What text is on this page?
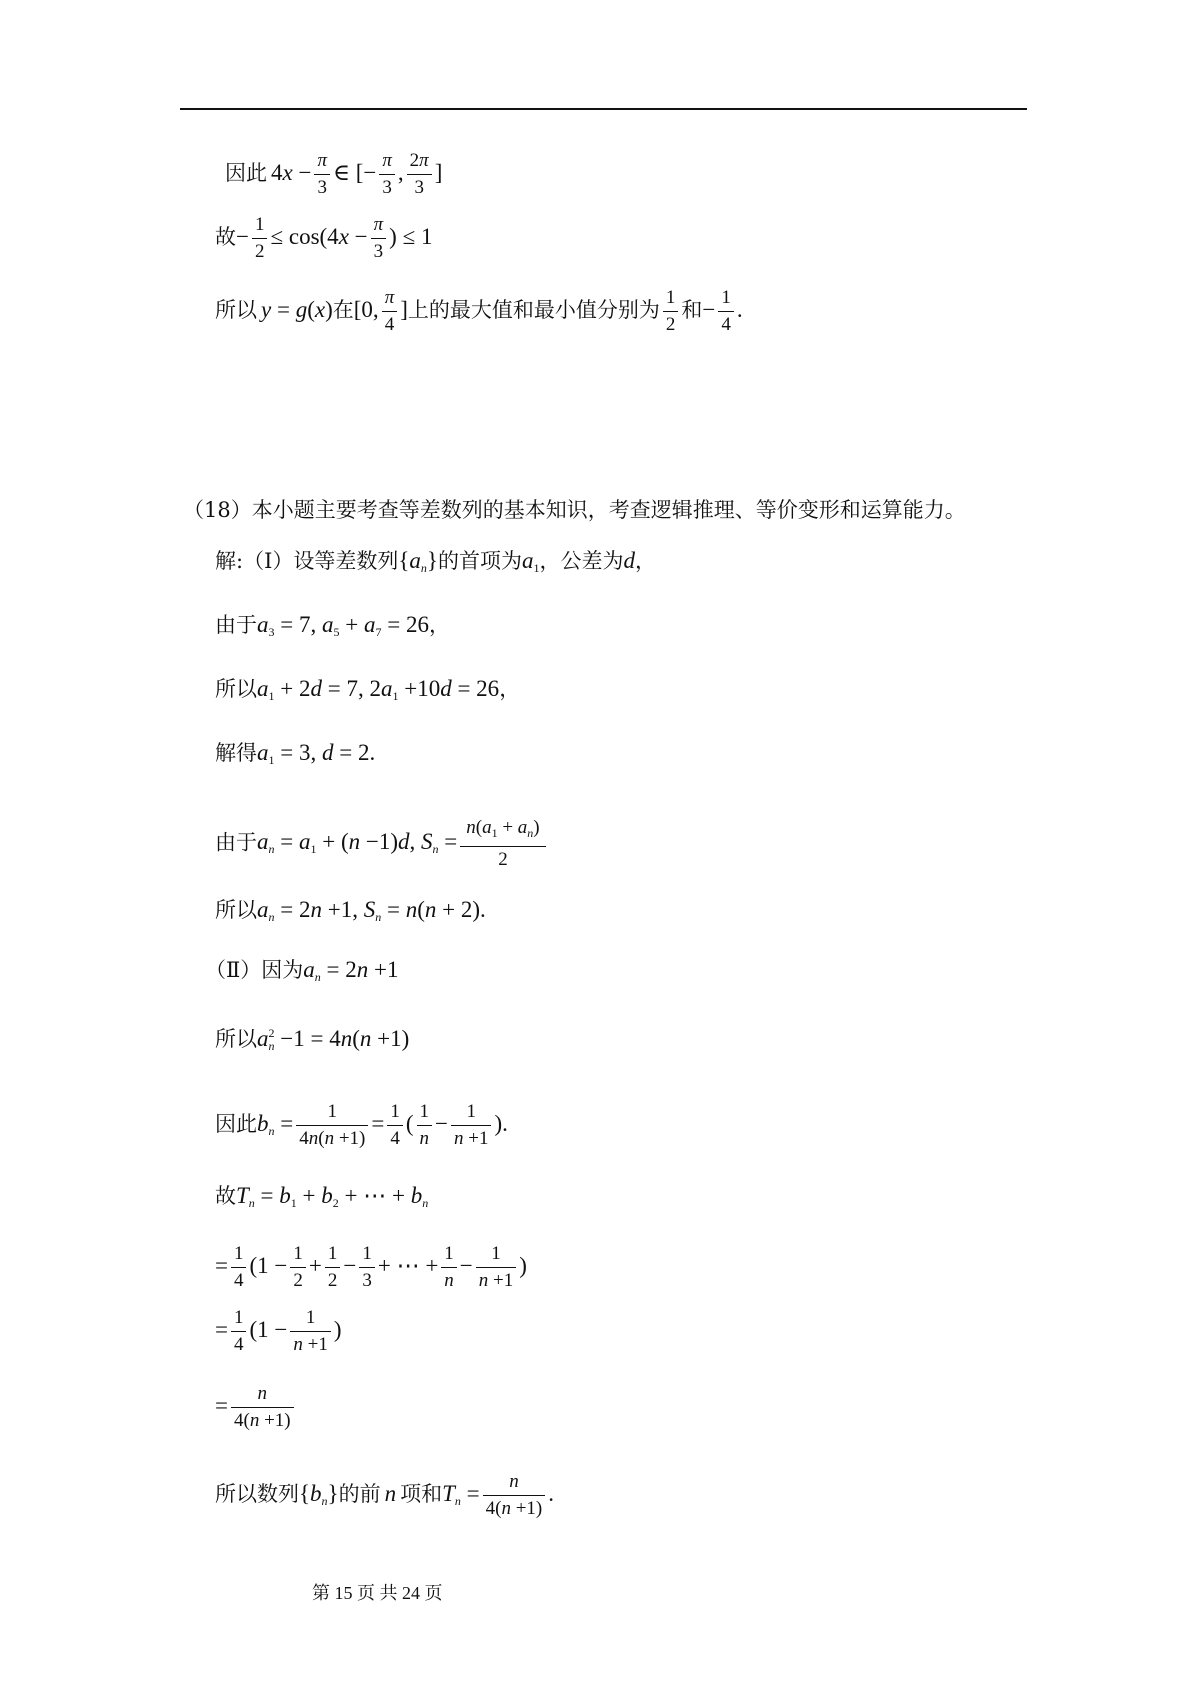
因此 $4x - \frac{\pi}{3}$ ∈ [− $\frac{\pi}{3}$ , $\frac{2\pi}{3}$ ]
故− $\frac{1}{2} \le \cos(4x - \frac{\pi}{3}$ ) ≤ 1
所以 y = g(x)在[0, $\frac{\pi}{4}$ ]上的最大值和最小值分别为 $\frac{1}{2}$ 和− $\frac{1}{4}$ .
（18）本小题主要考查等差数列的基本知识，考查逻辑推理、等价变形和运算能力。
解:（Ⅰ）设等差数列$\{a_n\}$的首项为$a_1$，公差为d，
由于$a_3 = 7$, $a_5 + a_7 = 26$，
所以$a_1 + 2d = 7$, $2a_1 +10d = 26$，
解得$a_1 = 3$, d = 2.
由于$a_n = a_1 + (n -1)d$, $S_n = \frac{n(a_1 + a_n)}{2}$
所以$a_n = 2n +1$, $S_n = n(n + 2)$.
（Ⅱ）因为$a_n = 2n +1$
所以$a^2_n -1 = 4n(n +1)$
因此$b_n = \frac{1}{4n(n +1)} = \frac{1}{4}$ ( $\frac{1}{n} - \frac{1}{n +1}$ ).
故$T_n = b_1 + b_2$ + ⋯ + $b_n$
= $\frac{1}{4} (1 - \frac{1}{2} + \frac{1}{2} - \frac{1}{3}$ + ⋯ + $\frac{1}{n} - \frac{1}{n +1}$ )
= $\frac{1}{4} (1 - \frac{1}{n +1}$ )
= $\frac{n}{4(n +1)}$
所以数列$\{b_n\}$的前 n 项和$T_n = \frac{n}{4(n +1)}$ .
第 15 页 共 24 页
